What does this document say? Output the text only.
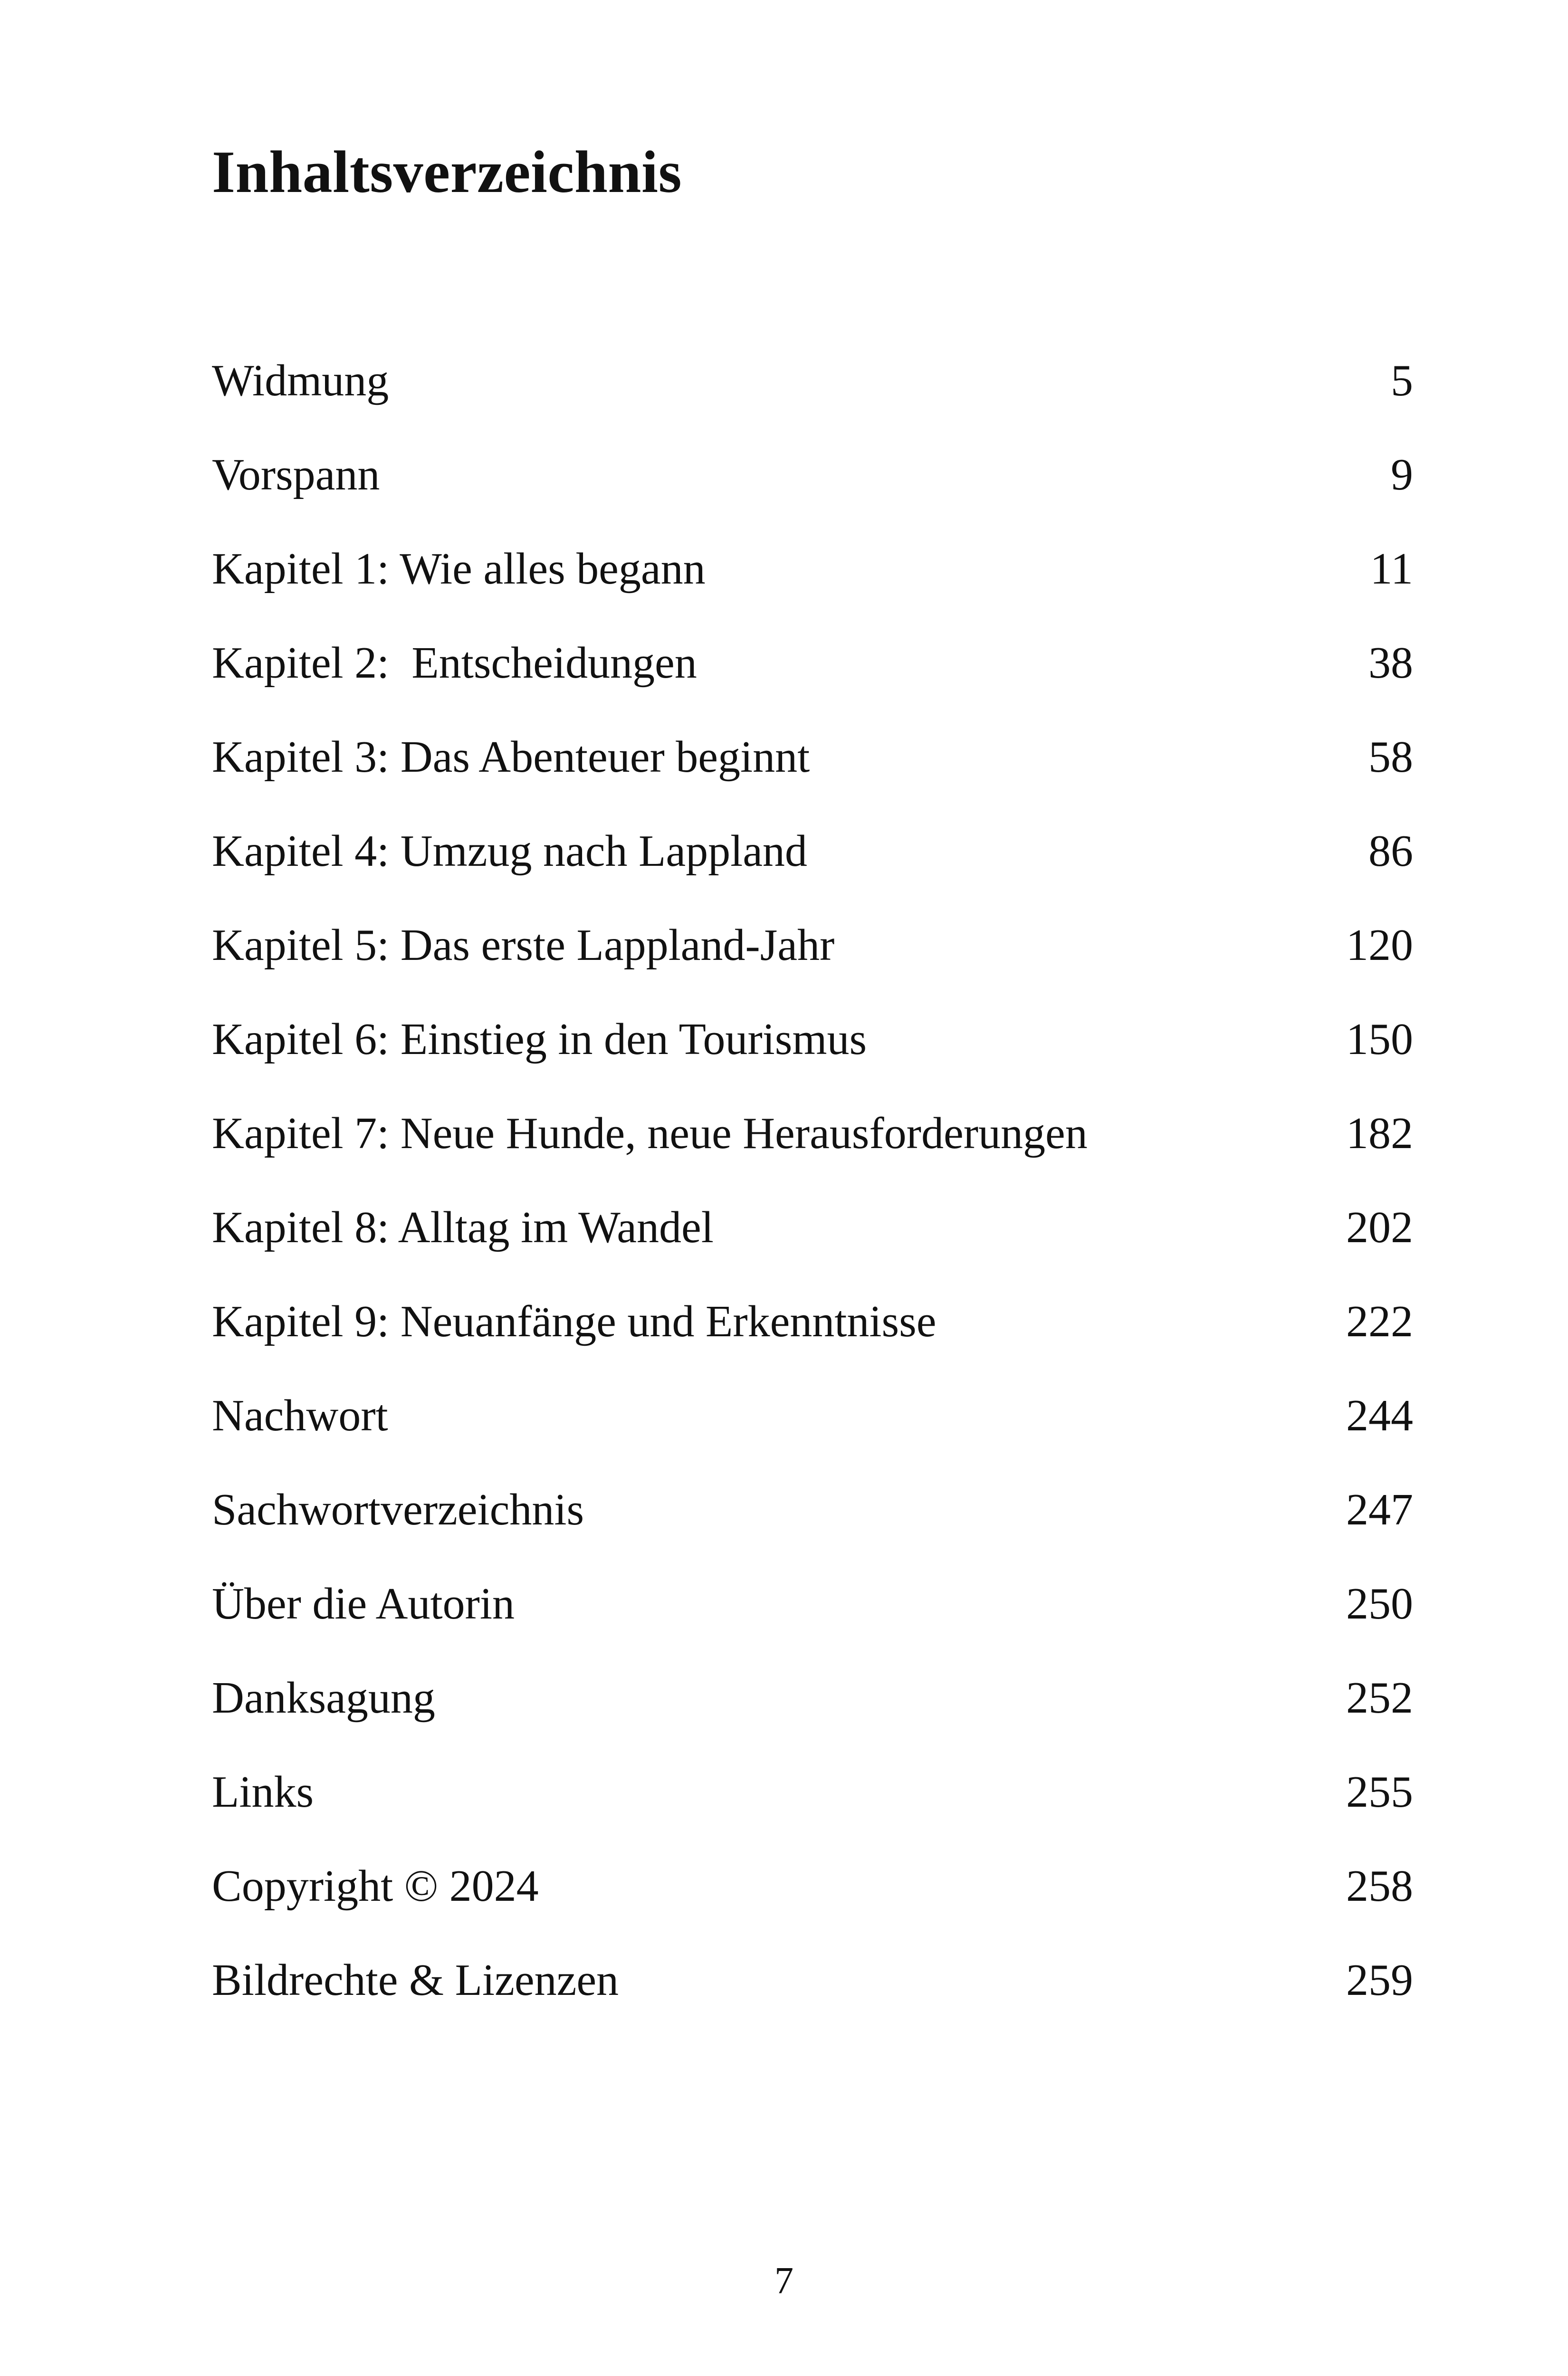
Inhaltsverzeichnis
Widmung	5
Vorspann	9
Kapitel 1: Wie alles begann	11
Kapitel 2:  Entscheidungen	38
Kapitel 3: Das Abenteuer beginnt	58
Kapitel 4: Umzug nach Lappland	86
Kapitel 5: Das erste Lappland-Jahr	120
Kapitel 6: Einstieg in den Tourismus	150
Kapitel 7: Neue Hunde, neue Herausforderungen	182
Kapitel 8: Alltag im Wandel	202
Kapitel 9: Neuanfänge und Erkenntnisse	222
Nachwort	244
Sachwortverzeichnis	247
Über die Autorin	250
Danksagung	252
Links	255
Copyright © 2024	258
Bildrechte & Lizenzen	259
7
